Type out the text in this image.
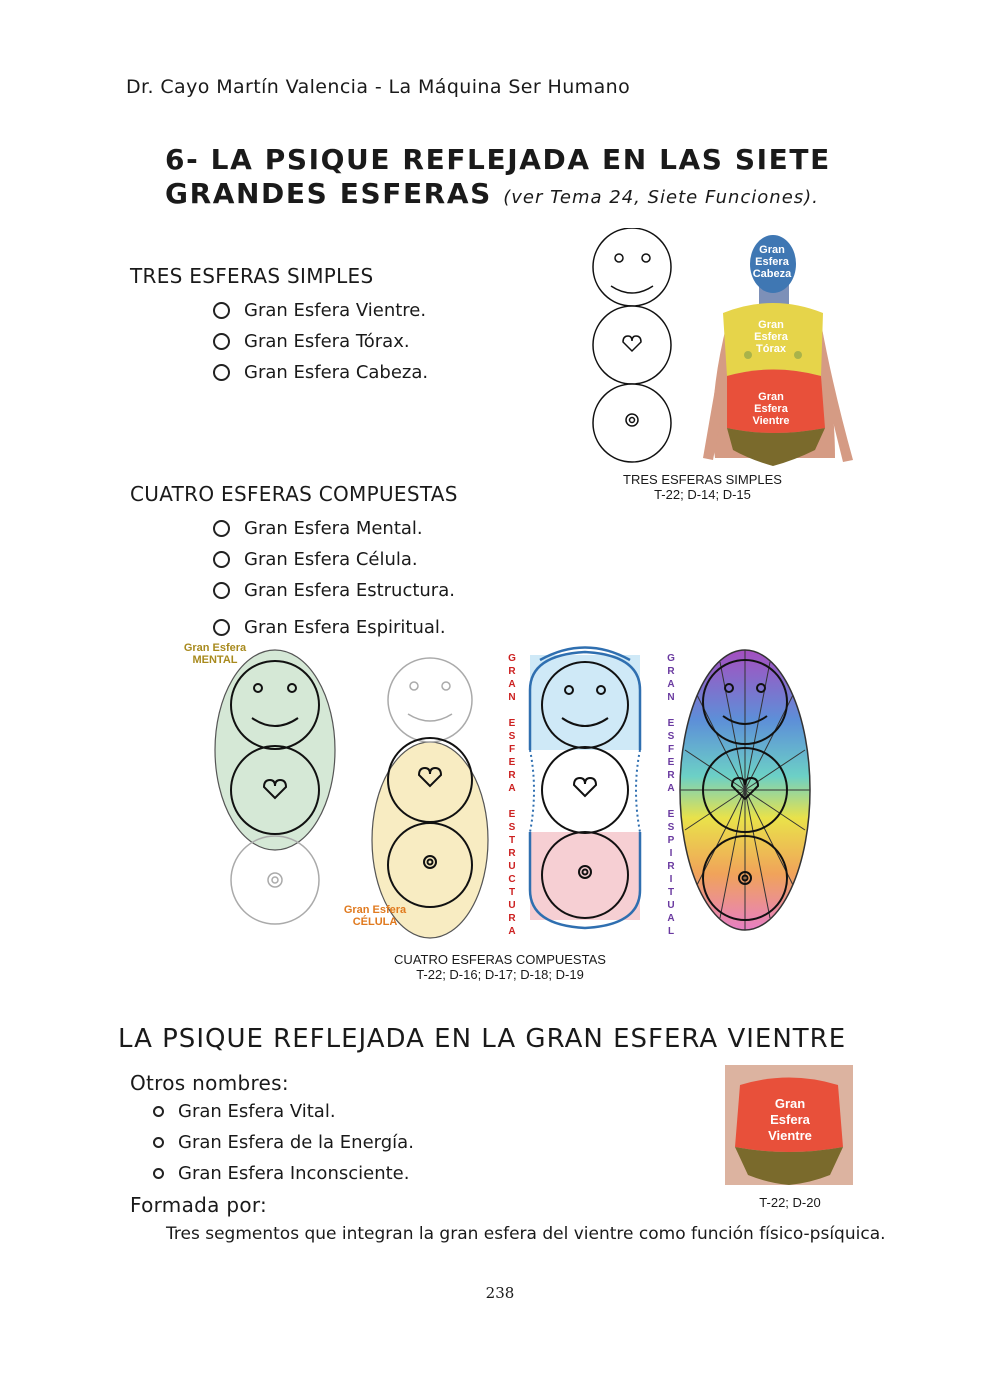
Dr. Cayo Martín Valencia - La Máquina Ser Humano
6- LA PSIQUE REFLEJADA EN LAS SIETE
GRANDES ESFERAS (ver Tema 24, Siete Funciones).
TRES ESFERAS SIMPLES
Gran Esfera Vientre.
Gran Esfera Tórax.
Gran Esfera Cabeza.
Gran
Esfera
Cabeza
Gran
Esfera
Tórax
Gran
Esfera
Vientre
TRES ESFERAS SIMPLES
T-22; D-14; D-15
CUATRO ESFERAS COMPUESTAS
Gran Esfera Mental.
Gran Esfera Célula.
Gran Esfera Estructura.
Gran Esfera Espiritual.
Gran Esfera
MENTAL
Gran Esfera
CÉLULA
G
R
A
N

E
S
F
E
R
A

E
S
T
R
U
C
T
U
R
A
G
R
A
N

E
S
F
E
R
A

E
S
P
I
R
I
T
U
A
L
CUATRO ESFERAS COMPUESTAS
T-22; D-16; D-17; D-18; D-19
LA PSIQUE REFLEJADA EN LA GRAN ESFERA VIENTRE
Otros nombres:
Gran Esfera Vital.
Gran Esfera de la Energía.
Gran Esfera Inconsciente.
Formada por:
Tres segmentos que integran la gran esfera del vientre como función físico-psíquica.
Gran
Esfera
Vientre
T-22; D-20
238
